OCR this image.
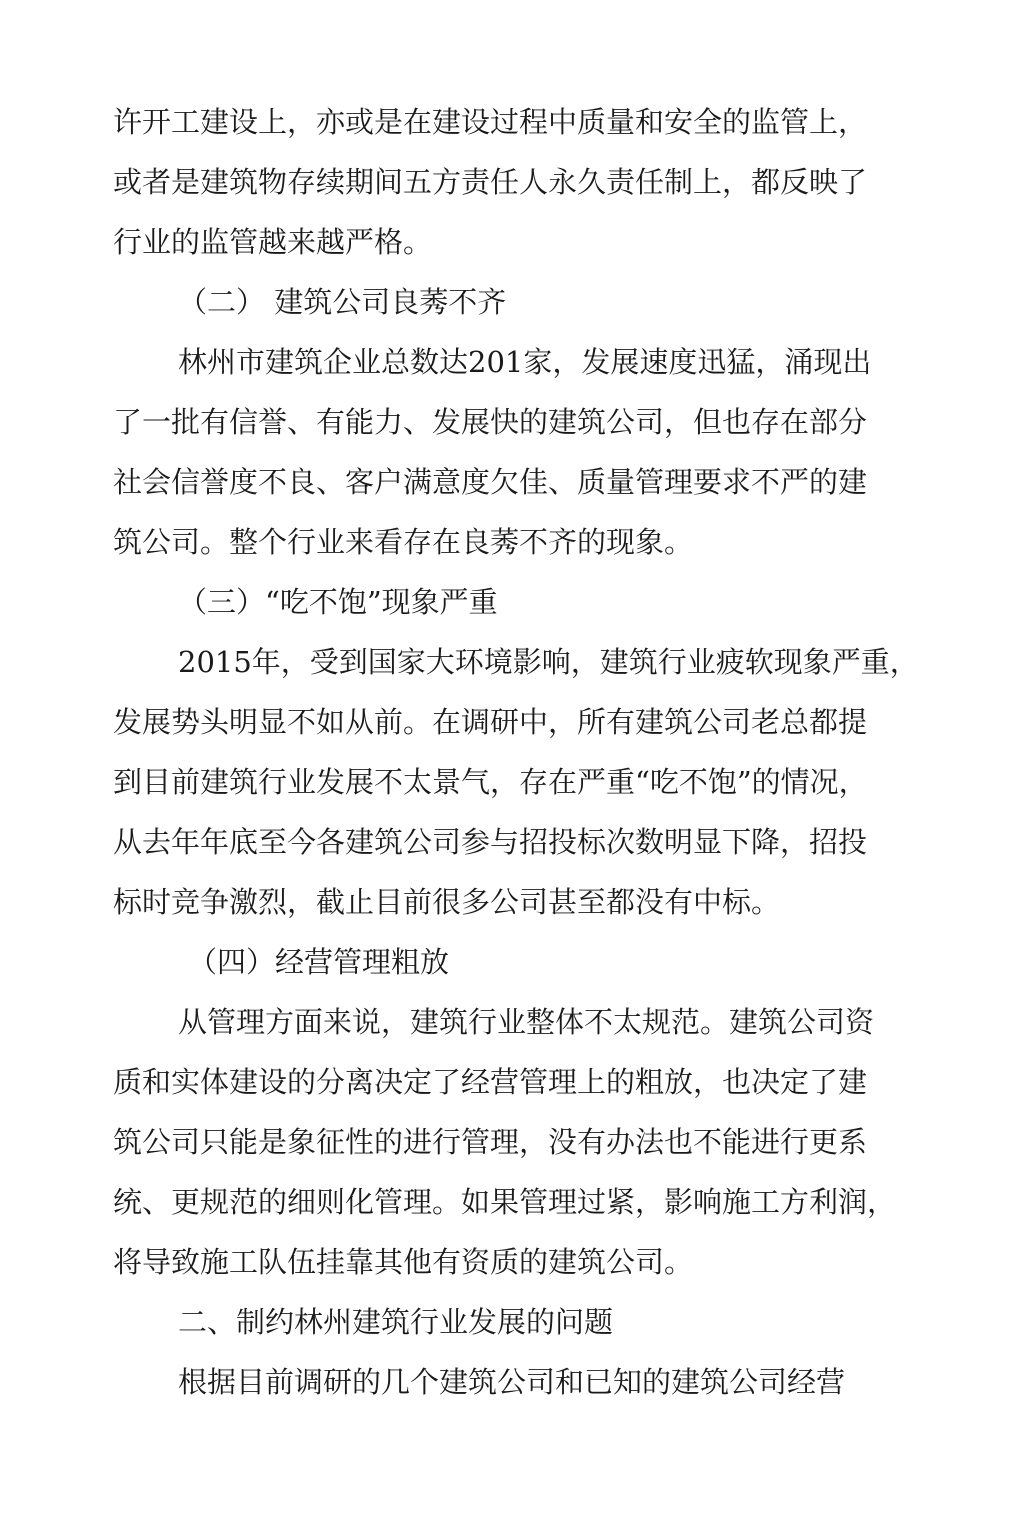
许开工建设上，亦或是在建设过程中质量和安全的监管上，
或者是建筑物存续期间五方责任人永久责任制上，都反映了
行业的监管越来越严格。
（二） 建筑公司良莠不齐
林州市建筑企业总数达201家，发展速度迅猛，涌现出
了一批有信誉、有能力、发展快的建筑公司，但也存在部分
社会信誉度不良、客户满意度欠佳、质量管理要求不严的建
筑公司。整个行业来看存在良莠不齐的现象。
（三）“吃不饱”现象严重
2015年，受到国家大环境影响，建筑行业疲软现象严重，
发展势头明显不如从前。在调研中，所有建筑公司老总都提
到目前建筑行业发展不太景气，存在严重“吃不饱”的情况，
从去年年底至今各建筑公司参与招投标次数明显下降，招投
标时竞争激烈，截止目前很多公司甚至都没有中标。
（四）经营管理粗放
从管理方面来说，建筑行业整体不太规范。建筑公司资
质和实体建设的分离决定了经营管理上的粗放，也决定了建
筑公司只能是象征性的进行管理，没有办法也不能进行更系
统、更规范的细则化管理。如果管理过紧，影响施工方利润，
将导致施工队伍挂靠其他有资质的建筑公司。
二、制约林州建筑行业发展的问题
根据目前调研的几个建筑公司和已知的建筑公司经营
